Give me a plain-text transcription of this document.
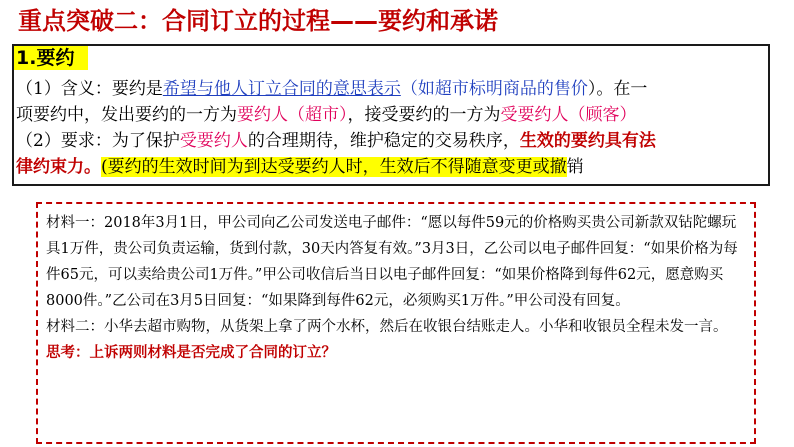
重点突破二：合同订立的过程——要约和承诺
1.要约
（1）含义：要约是希望与他人订立合同的意思表示（如超市标明商品的售价）。在一
项要约中，发出要约的一方为要约人（超市），接受要约的一方为受要约人（顾客）
（2）要求：为了保护受要约人的合理期待，维护稳定的交易秩序，生效的要约具有法
律约束力。(要约的生效时间为到达受要约人时，生效后不得随意变更或撤销

材料一：2018年3月1日，甲公司向乙公司发送电子邮件：“愿以每件59元的价格购买贵公司新款双钻陀螺玩具1万件，贵公司负责运输，货到付款，30天内答复有效。”3月3日，乙公司以电子邮件回复：“如果价格为每件65元，可以卖给贵公司1万件。”甲公司收信后当日以电子邮件回复：“如果价格降到每件62元，愿意购买8000件。”乙公司在3月5日回复：“如果降到每件62元，必须购买1万件。”甲公司没有回复。

材料二：小华去超市购物，从货架上拿了两个水杯，然后在收银台结账走人。小华和收银员全程未发一言。

思考：上诉两则材料是否完成了合同的订立？
